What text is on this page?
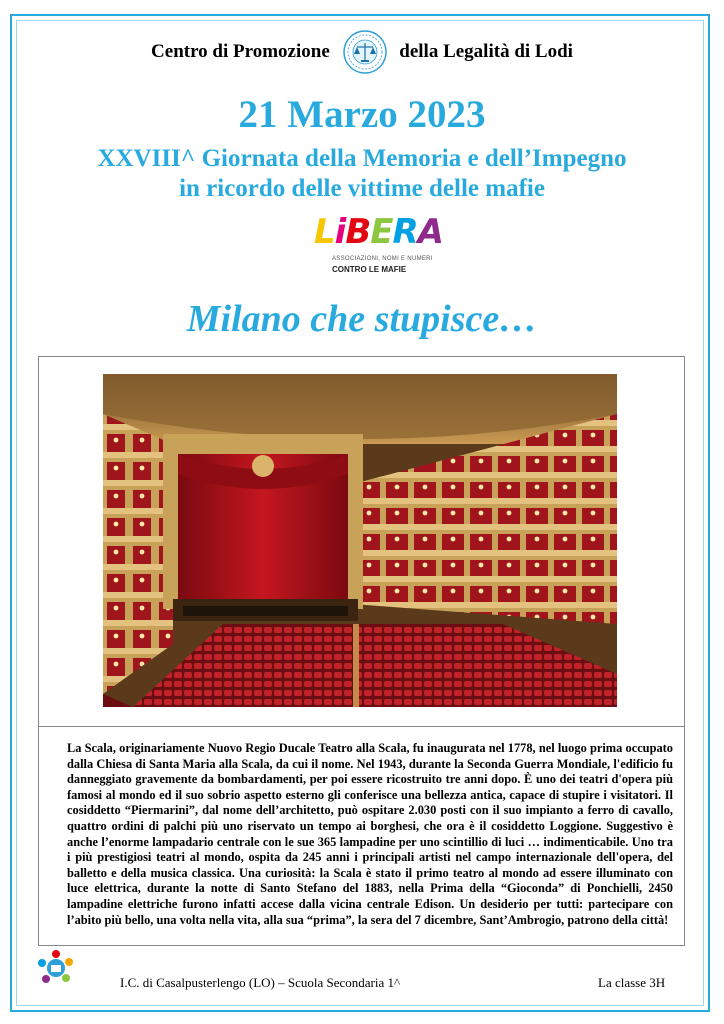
Centro di Promozione	della Legalità di Lodi
21 Marzo 2023
XXVIII^ Giornata della Memoria e dell’Impegno
in ricordo delle vittime delle mafie
LiBERA
ASSOCIAZIONI, NOMI E NUMERI
CONTRO LE MAFIE
Milano che stupisce…
La Scala, originariamente Nuovo Regio Ducale Teatro alla Scala, fu inaugurata nel 1778, nel luogo prima occupato dalla Chiesa di Santa Maria alla Scala, da cui il nome. Nel 1943, durante la Seconda Guerra Mondiale, l'edificio fu danneggiato gravemente da bombardamenti, per poi essere ricostruito tre anni dopo. È uno dei teatri d'opera più famosi al mondo ed il suo sobrio aspetto esterno gli conferisce una bellezza antica, capace di stupire i visitatori. Il cosiddetto “Piermarini”, dal nome dell’architetto, può ospitare 2.030 posti con il suo impianto a ferro di cavallo, quattro ordini di palchi più uno riservato un tempo ai borghesi, che ora è il cosiddetto Loggione. Suggestivo è anche l’enorme lampadario centrale con le sue 365 lampadine per uno scintillio di luci … indimenticabile. Uno tra i più prestigiosi teatri al mondo, ospita da 245 anni i principali artisti nel campo internazionale dell'opera, del balletto e della musica classica. Una curiosità: la Scala è stato il primo teatro al mondo ad essere illuminato con luce elettrica, durante la notte di Santo Stefano del 1883, nella Prima della “Gioconda” di Ponchielli, 2450 lampadine elettriche furono infatti accese dalla vicina centrale Edison. Un desiderio per tutti: partecipare con l’abito più bello, una volta nella vita, alla sua “prima”, la sera del 7 dicembre, Sant’Ambrogio, patrono della città!
I.C. di Casalpusterlengo (LO) – Scuola Secondaria 1^	La classe 3H
